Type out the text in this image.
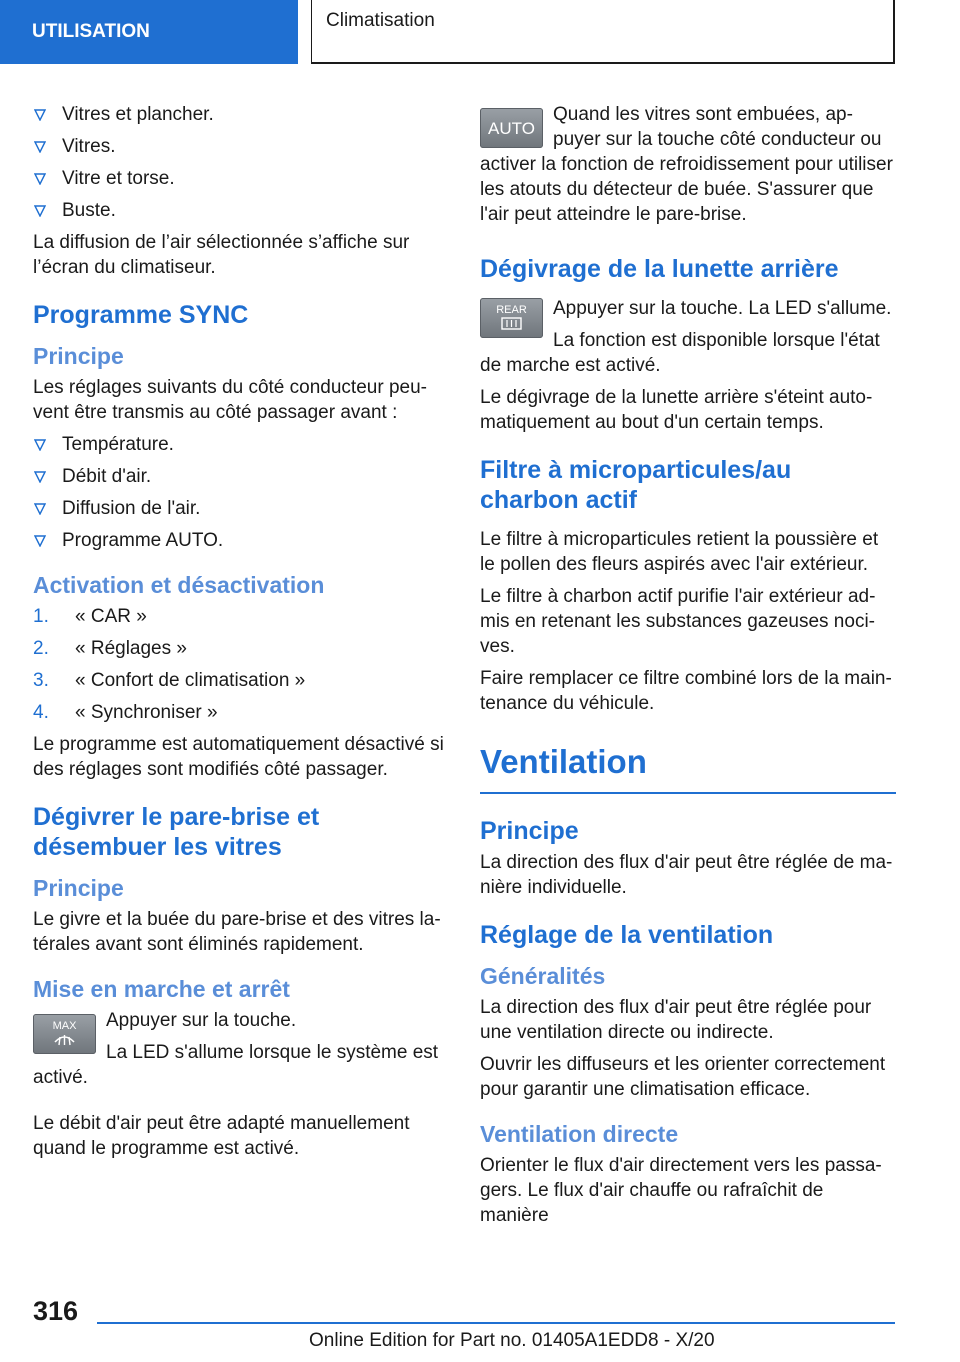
UTILISATION
Climatisation
Vitres et plancher.
Vitres.
Vitre et torse.
Buste.

La diffusion de l’air sélectionnée s’affiche sur l’écran du climatiseur.

Programme SYNC
Principe

Les réglages suivants du côté conducteur peu-vent être transmis au côté passager avant :

Température.
Débit d'air.
Diffusion de l'air.
Programme AUTO.
Activation et désactivation
1. « CAR »
2. « Réglages »
3. « Confort de climatisation »
4. « Synchroniser »

Le programme est automatiquement désactivé si des réglages sont modifiés côté passager.

Dégivrer le pare-brise et désembuer les vitres
Principe

Le givre et la buée du pare-brise et des vitres la-térales avant sont éliminés rapidement.

Mise en marche et arrêt
MAX	Appuyer sur la touche.

La LED s'allume lorsque le système est activé.

Le débit d'air peut être adapté manuellement quand le programme est activé.

AUTO

Quand les vitres sont embuées, ap-puyer sur la touche côté conducteur ou activer la fonction de refroidissement pour utiliser les atouts du détecteur de buée. S'assurer que l'air peut atteindre le pare-brise.

Dégivrage de la lunette arrière
REAR	Appuyer sur la touche. La LED s'allume.

La fonction est disponible lorsque l'état de marche est activé.

Le dégivrage de la lunette arrière s'éteint auto-matiquement au bout d'un certain temps.

Filtre à microparticules/au charbon actif

Le filtre à microparticules retient la poussière et le pollen des fleurs aspirés avec l'air extérieur.

Le filtre à charbon actif purifie l'air extérieur ad-mis en retenant les substances gazeuses noci-ves.

Faire remplacer ce filtre combiné lors de la main-tenance du véhicule.

Ventilation
Principe

La direction des flux d'air peut être réglée de ma-nière individuelle.

Réglage de la ventilation
Généralités

La direction des flux d'air peut être réglée pour une ventilation directe ou indirecte.

Ouvrir les diffuseurs et les orienter correctement pour garantir une climatisation efficace.

Ventilation directe

Orienter le flux d'air directement vers les passa-gers. Le flux d'air chauffe ou rafraîchit de manière

316
Online Edition for Part no. 01405A1EDD8 - X/20
